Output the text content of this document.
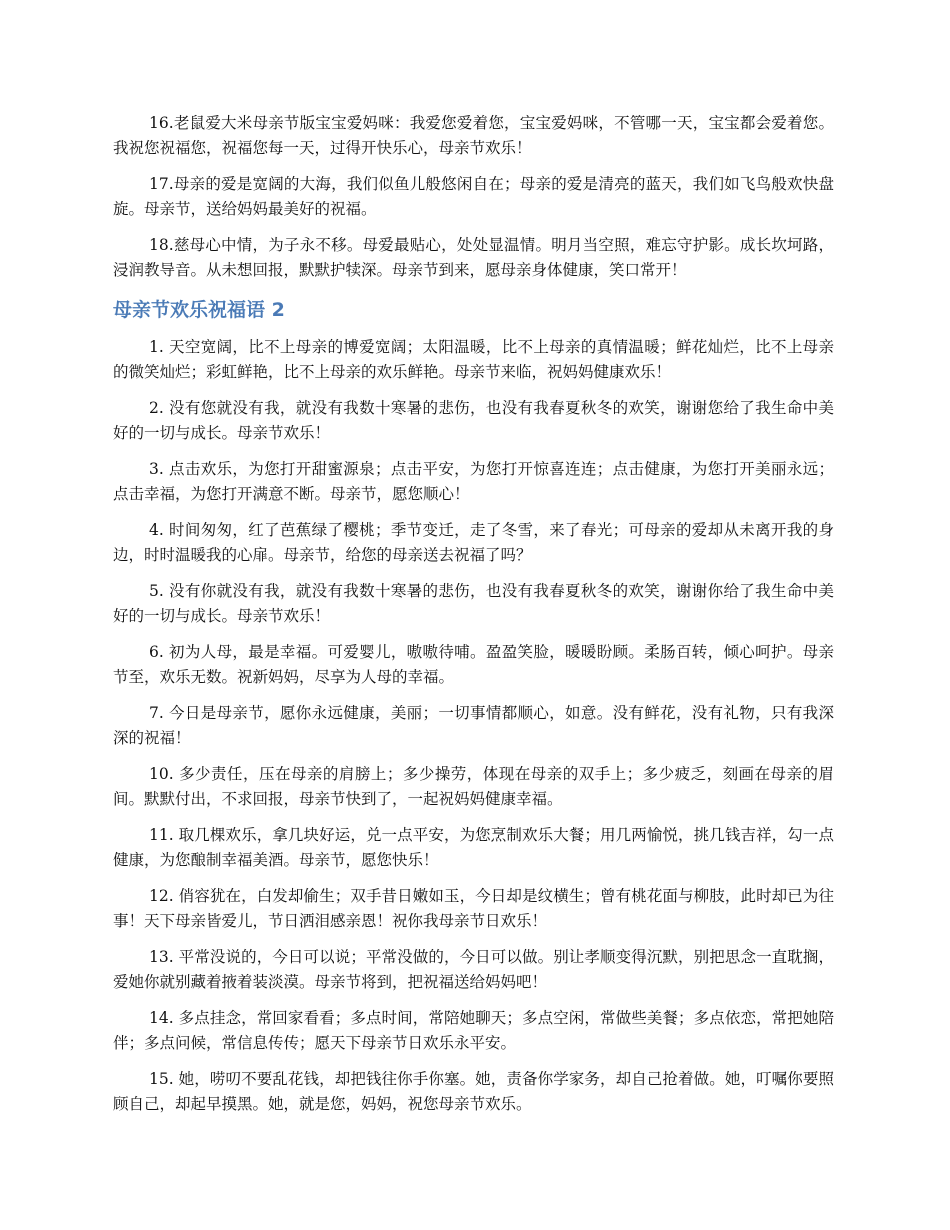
16.老鼠爱大米母亲节版宝宝爱妈咪：我爱您爱着您，宝宝爱妈咪，不管哪一天，宝宝都会爱着您。我祝您祝福您，祝福您每一天，过得开快乐心，母亲节欢乐！

17.母亲的爱是宽阔的大海，我们似鱼儿般悠闲自在；母亲的爱是清亮的蓝天，我们如飞鸟般欢快盘旋。母亲节，送给妈妈最美好的祝福。

18.慈母心中情，为子永不移。母爱最贴心，处处显温情。明月当空照，难忘守护影。成长坎坷路，浸润教导音。从未想回报，默默护犊深。母亲节到来，愿母亲身体健康，笑口常开！

母亲节欢乐祝福语 2

1. 天空宽阔，比不上母亲的博爱宽阔；太阳温暖，比不上母亲的真情温暖；鲜花灿烂，比不上母亲的微笑灿烂；彩虹鲜艳，比不上母亲的欢乐鲜艳。母亲节来临，祝妈妈健康欢乐！

2. 没有您就没有我，就没有我数十寒暑的悲伤，也没有我春夏秋冬的欢笑，谢谢您给了我生命中美好的一切与成长。母亲节欢乐！

3. 点击欢乐，为您打开甜蜜源泉；点击平安，为您打开惊喜连连；点击健康，为您打开美丽永远；点击幸福，为您打开满意不断。母亲节，愿您顺心！

4. 时间匆匆，红了芭蕉绿了樱桃；季节变迁，走了冬雪，来了春光；可母亲的爱却从未离开我的身边，时时温暖我的心扉。母亲节，给您的母亲送去祝福了吗？

5. 没有你就没有我，就没有我数十寒暑的悲伤，也没有我春夏秋冬的欢笑，谢谢你给了我生命中美好的一切与成长。母亲节欢乐！

6. 初为人母，最是幸福。可爱婴儿，嗷嗷待哺。盈盈笑脸，暖暖盼顾。柔肠百转，倾心呵护。母亲节至，欢乐无数。祝新妈妈，尽享为人母的幸福。

7. 今日是母亲节，愿你永远健康，美丽；一切事情都顺心，如意。没有鲜花，没有礼物，只有我深深的祝福！

10. 多少责任，压在母亲的肩膀上；多少操劳，体现在母亲的双手上；多少疲乏，刻画在母亲的眉间。默默付出，不求回报，母亲节快到了，一起祝妈妈健康幸福。

11. 取几棵欢乐，拿几块好运，兑一点平安，为您烹制欢乐大餐；用几两愉悦，挑几钱吉祥，勾一点健康，为您酿制幸福美酒。母亲节，愿您快乐！

12. 俏容犹在，白发却偷生；双手昔日嫩如玉，今日却是纹横生；曾有桃花面与柳肢，此时却已为往事！天下母亲皆爱儿，节日洒泪感亲恩！祝你我母亲节日欢乐！

13. 平常没说的，今日可以说；平常没做的，今日可以做。别让孝顺变得沉默，别把思念一直耽搁，爱她你就别藏着掖着装淡漠。母亲节将到，把祝福送给妈妈吧！

14. 多点挂念，常回家看看；多点时间，常陪她聊天；多点空闲，常做些美餐；多点依恋，常把她陪伴；多点问候，常信息传传；愿天下母亲节日欢乐永平安。

15. 她，唠叨不要乱花钱，却把钱往你手你塞。她，责备你学家务，却自己抢着做。她，叮嘱你要照顾自己，却起早摸黑。她，就是您，妈妈，祝您母亲节欢乐。
